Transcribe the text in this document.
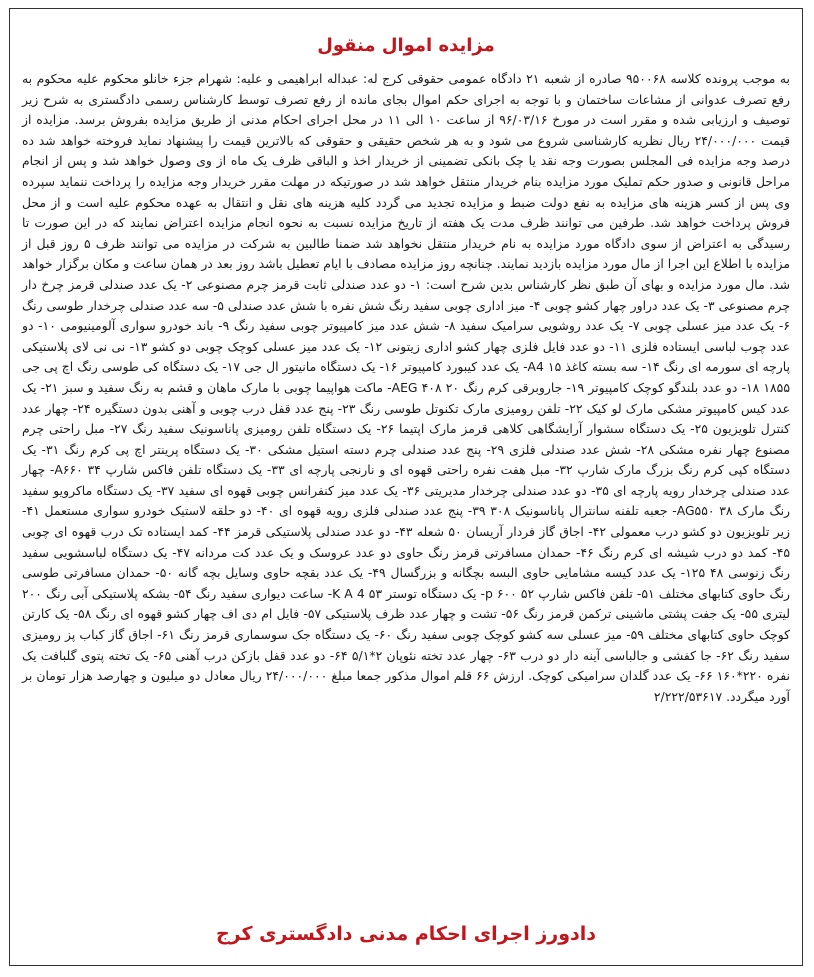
مزایده اموال منقول

به موجب پرونده کلاسه ۹۵۰۰۶۸ صادره از شعبه ۲۱ دادگاه عمومی حقوقی کرج له: عبداله ابراهیمی و علیه: شهرام جزء خانلو محکوم علیه محکوم به رفع تصرف عدوانی از مشاعات ساختمان و با توجه به اجرای حکم اموال بجای مانده از رفع تصرف توسط کارشناس رسمی دادگستری به شرح زیر توصیف و ارزیابی شده و مقرر است در مورخ ۹۶/۰۳/۱۶ از ساعت ۱۰ الی ۱۱ در محل اجرای احکام مدنی از طریق مزایده بفروش برسد. مزایده از قیمت ۲۴/۰۰۰/۰۰۰ ریال نظریه کارشناسی شروع می شود و به هر شخص حقیقی و حقوقی که بالاترین قیمت را پیشنهاد نماید فروخته خواهد شد ده درصد وجه مزایده فی المجلس بصورت وجه نقد یا چک بانکی تضمینی از خریدار اخذ و الباقی ظرف یک ماه از وی وصول خواهد شد و پس از انجام مراحل قانونی و صدور حکم تملیک مورد مزایده بنام خریدار منتقل خواهد شد در صورتیکه در مهلت مقرر خریدار وجه مزایده را پرداخت ننماید سپرده وی پس از کسر هزینه های مزایده به نفع دولت ضبط و مزایده تجدید می گردد کلیه هزینه های نقل و انتقال به عهده محکوم علیه است و از محل فروش پرداخت خواهد شد. طرفین می توانند ظرف مدت یک هفته از تاریخ مزایده نسبت به نحوه انجام مزایده اعتراض نمایند که در این صورت تا رسیدگی به اعتراض از سوی دادگاه مورد مزایده به نام خریدار منتقل نخواهد شد ضمنا طالبین به شرکت در مزایده می توانند ظرف ۵ روز قبل از مزایده با اطلاع این اجرا از مال مورد مزایده بازدید نمایند. چنانچه روز مزایده مصادف با ایام تعطیل باشد روز بعد در همان ساعت و مکان برگزار خواهد شد. مال مورد مزایده و بهای آن طبق نظر کارشناس بدین شرح است: ۱- دو عدد صندلی ثابت قرمز چرم مصنوعی ۲- یک عدد صندلی قرمز چرخ دار چرم مصنوعی ۳- یک عدد دراور چهار کشو چوبی ۴- میز اداری چوبی سفید رنگ شش نفره با شش عدد صندلی ۵- سه عدد صندلی چرخدار طوسی رنگ ۶- یک عدد میز عسلی چوبی ۷- یک عدد روشویی سرامیک سفید ۸- شش عدد میز کامپیوتر چوبی سفید رنگ ۹- باند خودرو سواری آلومینیومی ۱۰- دو عدد چوب لباسی ایستاده فلزی ۱۱- دو عدد فایل فلزی چهار کشو اداری زیتونی ۱۲- یک عدد میز عسلی کوچک چوبی دو کشو ۱۳- نی نی لای پلاستیکی پارچه ای سورمه ای رنگ ۱۴- سه بسته کاغذ A4 ۱۵- یک عدد کیبورد کامپیوتر ۱۶- یک دستگاه مانیتور ال جی ۱۷- یک دستگاه کی طوسی رنگ اچ پی جی ۱۸۵۵ ۱۸- دو عدد بلندگو کوچک کامپیوتر ۱۹- جاروبرقی کرم رنگ AEG ۴۰۸ ۲۰- ماکت هواپیما چوبی با مارک ماهان و قشم به رنگ سفید و سبز ۲۱- یک عدد کیس کامپیوتر مشکی مارک لو کیک ۲۲- تلفن رومیزی مارک تکنوتل طوسی رنگ ۲۳- پنج عدد قفل درب چوبی و آهنی بدون دستگیره ۲۴- چهار عدد کنترل تلویزیون ۲۵- یک دستگاه سشوار آرایشگاهی کلاهی قرمز مارک اپتیما ۲۶- یک دستگاه تلفن رومیزی پاناسونیک سفید رنگ ۲۷- مبل راحتی چرم مصنوع چهار نفره مشکی ۲۸- شش عدد صندلی فلزی ۲۹- پنج عدد صندلی چرم دسته استیل مشکی ۳۰- یک دستگاه پرینتر اچ پی کرم رنگ ۳۱- یک دستگاه کپی کرم رنگ بزرگ مارک شارپ ۳۲- مبل هفت نفره راحتی قهوه ای و نارنجی پارچه ای ۳۳- یک دستگاه تلفن فاکس شارپ A۶۶۰ ۳۴- چهار عدد صندلی چرخدار رویه پارچه ای ۳۵- دو عدد صندلی چرخدار مدیریتی ۳۶- یک عدد میز کنفرانس چوبی قهوه ای سفید ۳۷- یک دستگاه ماکرویو سفید رنگ مارک AG۵۵۰ ۳۸- جعبه تلفنه سانترال پاناسونیک ۳۰۸ ۳۹- پنج عدد صندلی فلزی رویه قهوه ای ۴۰- دو حلقه لاستیک خودرو سواری مستعمل ۴۱- زیر تلویزیون دو کشو درب معمولی ۴۲- اجاق گاز فردار آریسان ۵۰ شعله ۴۳- دو عدد صندلی پلاستیکی قرمز ۴۴- کمد ایستاده تک درب قهوه ای چوبی ۴۵- کمد دو درب شیشه ای کرم رنگ ۴۶- حمدان مسافرتی قرمز رنگ حاوی دو عدد عروسک و یک عدد کت مردانه ۴۷- یک دستگاه لباسشویی سفید رنگ زنوسی ۴۸ ۱۲۵- یک عدد کیسه مشامایی حاوی البسه بچگانه و بزرگسال ۴۹- یک عدد بقچه حاوی وسایل بچه گانه ۵۰- حمدان مسافرتی طوسی رنگ حاوی کتابهای مختلف ۵۱- تلفن فاکس شارپ p ۶۰۰ ۵۲- یک دستگاه توستر K A 4 ۵۳- ساعت دیواری سفید رنگ ۵۴- بشکه پلاستیکی آبی رنگ ۲۰۰ لیتری ۵۵- یک جفت پشتی ماشینی ترکمن قرمز رنگ ۵۶- تشت و چهار عدد ظرف پلاستیکی ۵۷- فایل ام دی اف چهار کشو قهوه ای رنگ ۵۸- یک کارتن کوچک حاوی کتابهای مختلف ۵۹- میز عسلی سه کشو کوچک چوبی سفید رنگ ۶۰- یک دستگاه جک سوسماری قرمز رنگ ۶۱- اجاق گاز کباب پز رومیزی سفید رنگ ۶۲- جا کفشی و جالباسی آینه دار دو درب ۶۳- چهار عدد تخته نئوپان ۲*۵/۱ ۶۴- دو عدد قفل بازکن درب آهنی ۶۵- یک تخته پتوی گلبافت یک نفره ۲۲۰*۱۶۰ ۶۶- یک عدد گلدان سرامیکی کوچک. ارزش ۶۶ قلم اموال مذکور جمعا مبلغ ۲۴/۰۰۰/۰۰۰ ریال معادل دو میلیون و چهارصد هزار تومان بر آورد میگردد. ۲/۲۲۲/۵۳۶۱۷

دادورز اجرای احکام مدنی دادگستری کرج
